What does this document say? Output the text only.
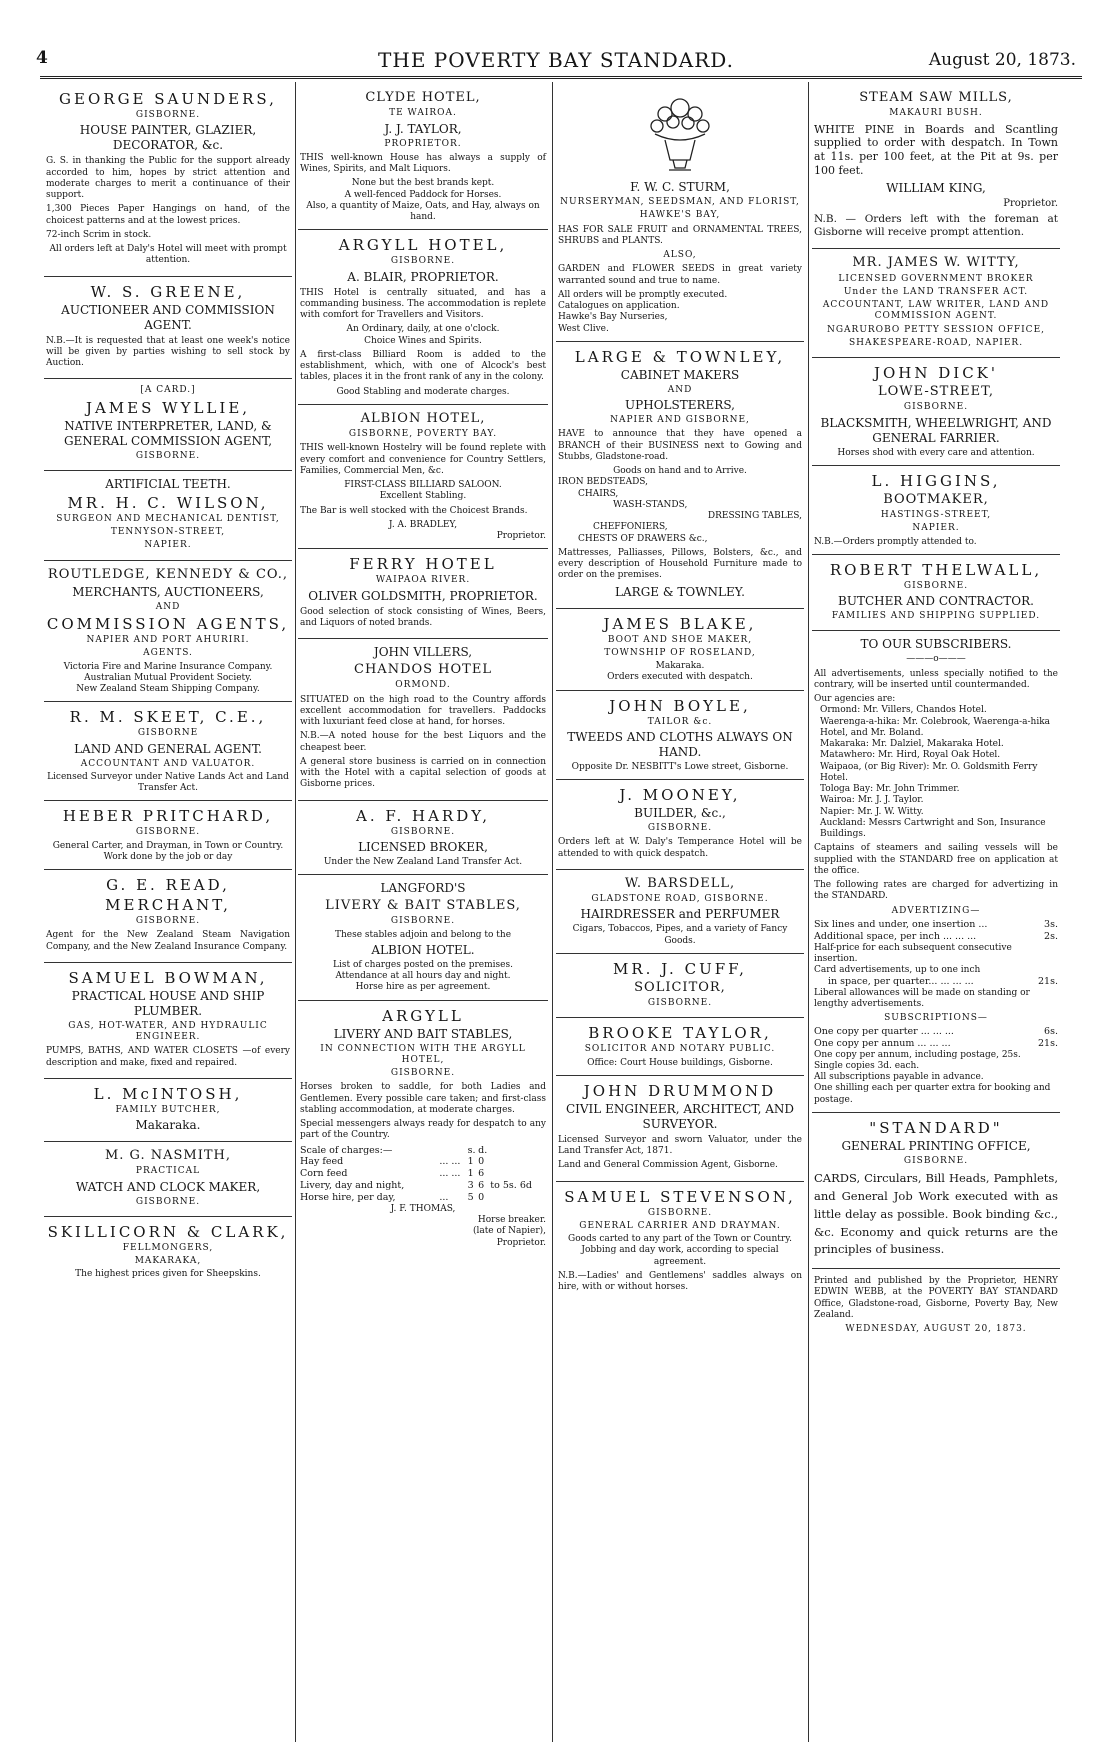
4	THE POVERTY BAY STANDARD.	August 20, 1873.
GEORGE SAUNDERS,
GISBORNE.
HOUSE PAINTER, GLAZIER, DECORATOR, &c.

G. S. in thanking the Public for the support already accorded to him, hopes by strict attention and moderate charges to merit a continuance of their support.

1,300 Pieces Paper Hangings on hand, of the choicest patterns and at the lowest prices.

72-inch Scrim in stock.

All orders left at Daly's Hotel will meet with prompt attention.

W. S. GREENE,
AUCTIONEER AND COMMISSION AGENT.

N.B.—It is requested that at least one week's notice will be given by parties wishing to sell stock by Auction.

[A CARD.]
JAMES WYLLIE,
NATIVE INTERPRETER, LAND, & GENERAL COMMISSION AGENT,
GISBORNE.
ARTIFICIAL TEETH.
MR. H. C. WILSON,
SURGEON AND MECHANICAL DENTIST,
TENNYSON-STREET,
NAPIER.
ROUTLEDGE, KENNEDY & CO.,
MERCHANTS, AUCTIONEERS,
AND
COMMISSION AGENTS,
NAPIER AND PORT AHURIRI.
AGENTS.
Victoria Fire and Marine Insurance Company.
Australian Mutual Provident Society.
New Zealand Steam Shipping Company.
R. M. SKEET, C.E.,
GISBORNE
LAND AND GENERAL AGENT.
ACCOUNTANT AND VALUATOR.
Licensed Surveyor under Native Lands Act and Land Transfer Act.
HEBER PRITCHARD,
GISBORNE.
General Carter, and Drayman, in Town or Country.
Work done by the job or day
G. E. READ,
MERCHANT,
GISBORNE.

Agent for the New Zealand Steam Navigation Company, and the New Zealand Insurance Company.

SAMUEL BOWMAN,
PRACTICAL HOUSE AND SHIP PLUMBER.
GAS, HOT-WATER, AND HYDRAULIC ENGINEER.

PUMPS, BATHS, AND WATER CLOSETS —of every description and make, fixed and repaired.

L. McINTOSH,
FAMILY BUTCHER,
Makaraka.
M. G. NASMITH,
PRACTICAL
WATCH AND CLOCK MAKER,
GISBORNE.
SKILLICORN & CLARK,
FELLMONGERS,
MAKARAKA,
The highest prices given for Sheepskins.
CLYDE HOTEL,
TE WAIROA.
J. J. TAYLOR,
PROPRIETOR.

THIS well-known House has always a supply of Wines, Spirits, and Malt Liquors.

None but the best brands kept.
A well-fenced Paddock for Horses.
Also, a quantity of Maize, Oats, and Hay, always on hand.
ARGYLL HOTEL,
GISBORNE.
A. BLAIR, PROPRIETOR.

THIS Hotel is centrally situated, and has a commanding business. The accommodation is replete with comfort for Travellers and Visitors.

An Ordinary, daily, at one o'clock.
Choice Wines and Spirits.

A first-class Billiard Room is added to the establishment, which, with one of Alcock's best tables, places it in the front rank of any in the colony.

Good Stabling and moderate charges.
ALBION HOTEL,
GISBORNE, POVERTY BAY.

THIS well-known Hostelry will be found replete with every comfort and convenience for Country Settlers, Families, Commercial Men, &c.

FIRST-CLASS BILLIARD SALOON.
Excellent Stabling.

The Bar is well stocked with the Choicest Brands.

J. A. BRADLEY,
Proprietor.
FERRY HOTEL
WAIPAOA RIVER.
OLIVER GOLDSMITH, PROPRIETOR.

Good selection of stock consisting of Wines, Beers, and Liquors of noted brands.

JOHN VILLERS,
CHANDOS HOTEL
ORMOND.

SITUATED on the high road to the Country affords excellent accommodation for travellers. Paddocks with luxuriant feed close at hand, for horses.

N.B.—A noted house for the best Liquors and the cheapest beer.

A general store business is carried on in connection with the Hotel with a capital selection of goods at Gisborne prices.

A. F. HARDY,
GISBORNE.
LICENSED BROKER,
Under the New Zealand Land Transfer Act.
LANGFORD'S
LIVERY & BAIT STABLES,
GISBORNE.
These stables adjoin and belong to the
ALBION HOTEL.
List of charges posted on the premises.
Attendance at all hours day and night.
Horse hire as per agreement.
ARGYLL
LIVERY AND BAIT STABLES,
IN CONNECTION WITH THE ARGYLL HOTEL,
GISBORNE.

Horses broken to saddle, for both Ladies and Gentlemen. Every possible care taken; and first-class stabling accommodation, at moderate charges.

Special messengers always ready for despatch to any part of the Country.

Scale of charges:—		s.	d.	
Hay feed	... ...	1	0	
Corn feed	... ...	1	6	
Livery, day and night,		3	6	to 5s. 6d
Horse hire, per day,	...	5	0	
J. F. THOMAS,
Horse breaker.
(late of Napier),
Proprietor.
F. W. C. STURM,
NURSERYMAN, SEEDSMAN, AND FLORIST,
HAWKE'S BAY,

HAS FOR SALE FRUIT and ORNAMENTAL TREES, SHRUBS and PLANTS.

ALSO,

GARDEN and FLOWER SEEDS in great variety warranted sound and true to name.

All orders will be promptly executed.
Catalogues on application.
Hawke's Bay Nurseries,
West Clive.
LARGE & TOWNLEY,
CABINET MAKERS
AND
UPHOLSTERERS,
NAPIER AND GISBORNE,

HAVE to announce that they have opened a BRANCH of their BUSINESS next to Gowing and Stubbs, Gladstone-road.

Goods on hand and to Arrive.
IRON BEDSTEADS,
CHAIRS,
WASH-STANDS,
DRESSING TABLES,
CHEFFONIERS,
CHESTS OF DRAWERS &c.,

Mattresses, Palliasses, Pillows, Bolsters, &c., and every description of Household Furniture made to order on the premises.

LARGE & TOWNLEY.
JAMES BLAKE,
BOOT AND SHOE MAKER,
TOWNSHIP OF ROSELAND,
Makaraka.
Orders executed with despatch.
JOHN BOYLE,
TAILOR &c.
TWEEDS AND CLOTHS ALWAYS ON HAND.
Opposite Dr. NESBITT's Lowe street, Gisborne.
J. MOONEY,
BUILDER, &c.,
GISBORNE.

Orders left at W. Daly's Temperance Hotel will be attended to with quick despatch.

W. BARSDELL,
GLADSTONE ROAD, GISBORNE.
HAIRDRESSER and PERFUMER
Cigars, Tobaccos, Pipes, and a variety of Fancy Goods.
MR. J. CUFF,
SOLICITOR,
GISBORNE.
BROOKE TAYLOR,
SOLICITOR AND NOTARY PUBLIC.
Office: Court House buildings, Gisborne.
JOHN DRUMMOND
CIVIL ENGINEER, ARCHITECT, AND SURVEYOR.

Licensed Surveyor and sworn Valuator, under the Land Transfer Act, 1871.

Land and General Commission Agent, Gisborne.

SAMUEL STEVENSON,
GISBORNE.
GENERAL CARRIER AND DRAYMAN.
Goods carted to any part of the Town or Country.
Jobbing and day work, according to special agreement.

N.B.—Ladies' and Gentlemens' saddles always on hire, with or without horses.

STEAM SAW MILLS,
MAKAURI BUSH.

WHITE PINE in Boards and Scantling supplied to order with despatch. In Town at 11s. per 100 feet, at the Pit at 9s. per 100 feet.

WILLIAM KING,
Proprietor.

N.B. — Orders left with the foreman at Gisborne will receive prompt attention.

MR. JAMES W. WITTY,
LICENSED GOVERNMENT BROKER
Under the LAND TRANSFER ACT.
ACCOUNTANT, LAW WRITER, LAND AND COMMISSION AGENT.
NGARUROBO PETTY SESSION OFFICE,
SHAKESPEARE-ROAD, NAPIER.
JOHN DICK'
LOWE-STREET,
GISBORNE.
BLACKSMITH, WHEELWRIGHT, AND GENERAL FARRIER.
Horses shod with every care and attention.
L. HIGGINS,
BOOTMAKER,
HASTINGS-STREET,
NAPIER.
N.B.—Orders promptly attended to.
ROBERT THELWALL,
GISBORNE.
BUTCHER AND CONTRACTOR.
FAMILIES AND SHIPPING SUPPLIED.
TO OUR SUBSCRIBERS.
———o———

All advertisements, unless specially notified to the contrary, will be inserted until countermanded.

Our agencies are:
Ormond: Mr. Villers, Chandos Hotel.
Waerenga-a-hika: Mr. Colebrook, Waerenga-a-hika Hotel, and Mr. Boland.
Makaraka: Mr. Dalziel, Makaraka Hotel.
Matawhero: Mr. Hird, Royal Oak Hotel.
Waipaoa, (or Big River): Mr. O. Goldsmith Ferry Hotel.
Tologa Bay: Mr. John Trimmer.
Wairoa: Mr. J. J. Taylor.
Napier: Mr. J. W. Witty.
Auckland: Messrs Cartwright and Son, Insurance Buildings.

Captains of steamers and sailing vessels will be supplied with the STANDARD free on application at the office.

The following rates are charged for advertizing in the STANDARD.

ADVERTIZING—
Six lines and under, one insertion ...	3s.
Additional space, per inch ... ... ...	2s.
Half-price for each subsequent consecutive insertion.
Card advertisements, up to one inch
in space, per quarter... ... ... ...	21s.
Liberal allowances will be made on standing or lengthy advertisements.
SUBSCRIPTIONS—
One copy per quarter ... ... ...	6s.
One copy per annum ... ... ...	21s.
One copy per annum, including postage, 25s.
Single copies 3d. each.
All subscriptions payable in advance.
One shilling each per quarter extra for booking and postage.
"STANDARD"
GENERAL PRINTING OFFICE,
GISBORNE.

CARDS, Circulars, Bill Heads, Pamphlets, and General Job Work executed with as little delay as possible. Book binding &c., &c. Economy and quick returns are the principles of business.

Printed and published by the Proprietor, HENRY EDWIN WEBB, at the POVERTY BAY STANDARD Office, Gladstone-road, Gisborne, Poverty Bay, New Zealand.

WEDNESDAY, AUGUST 20, 1873.
